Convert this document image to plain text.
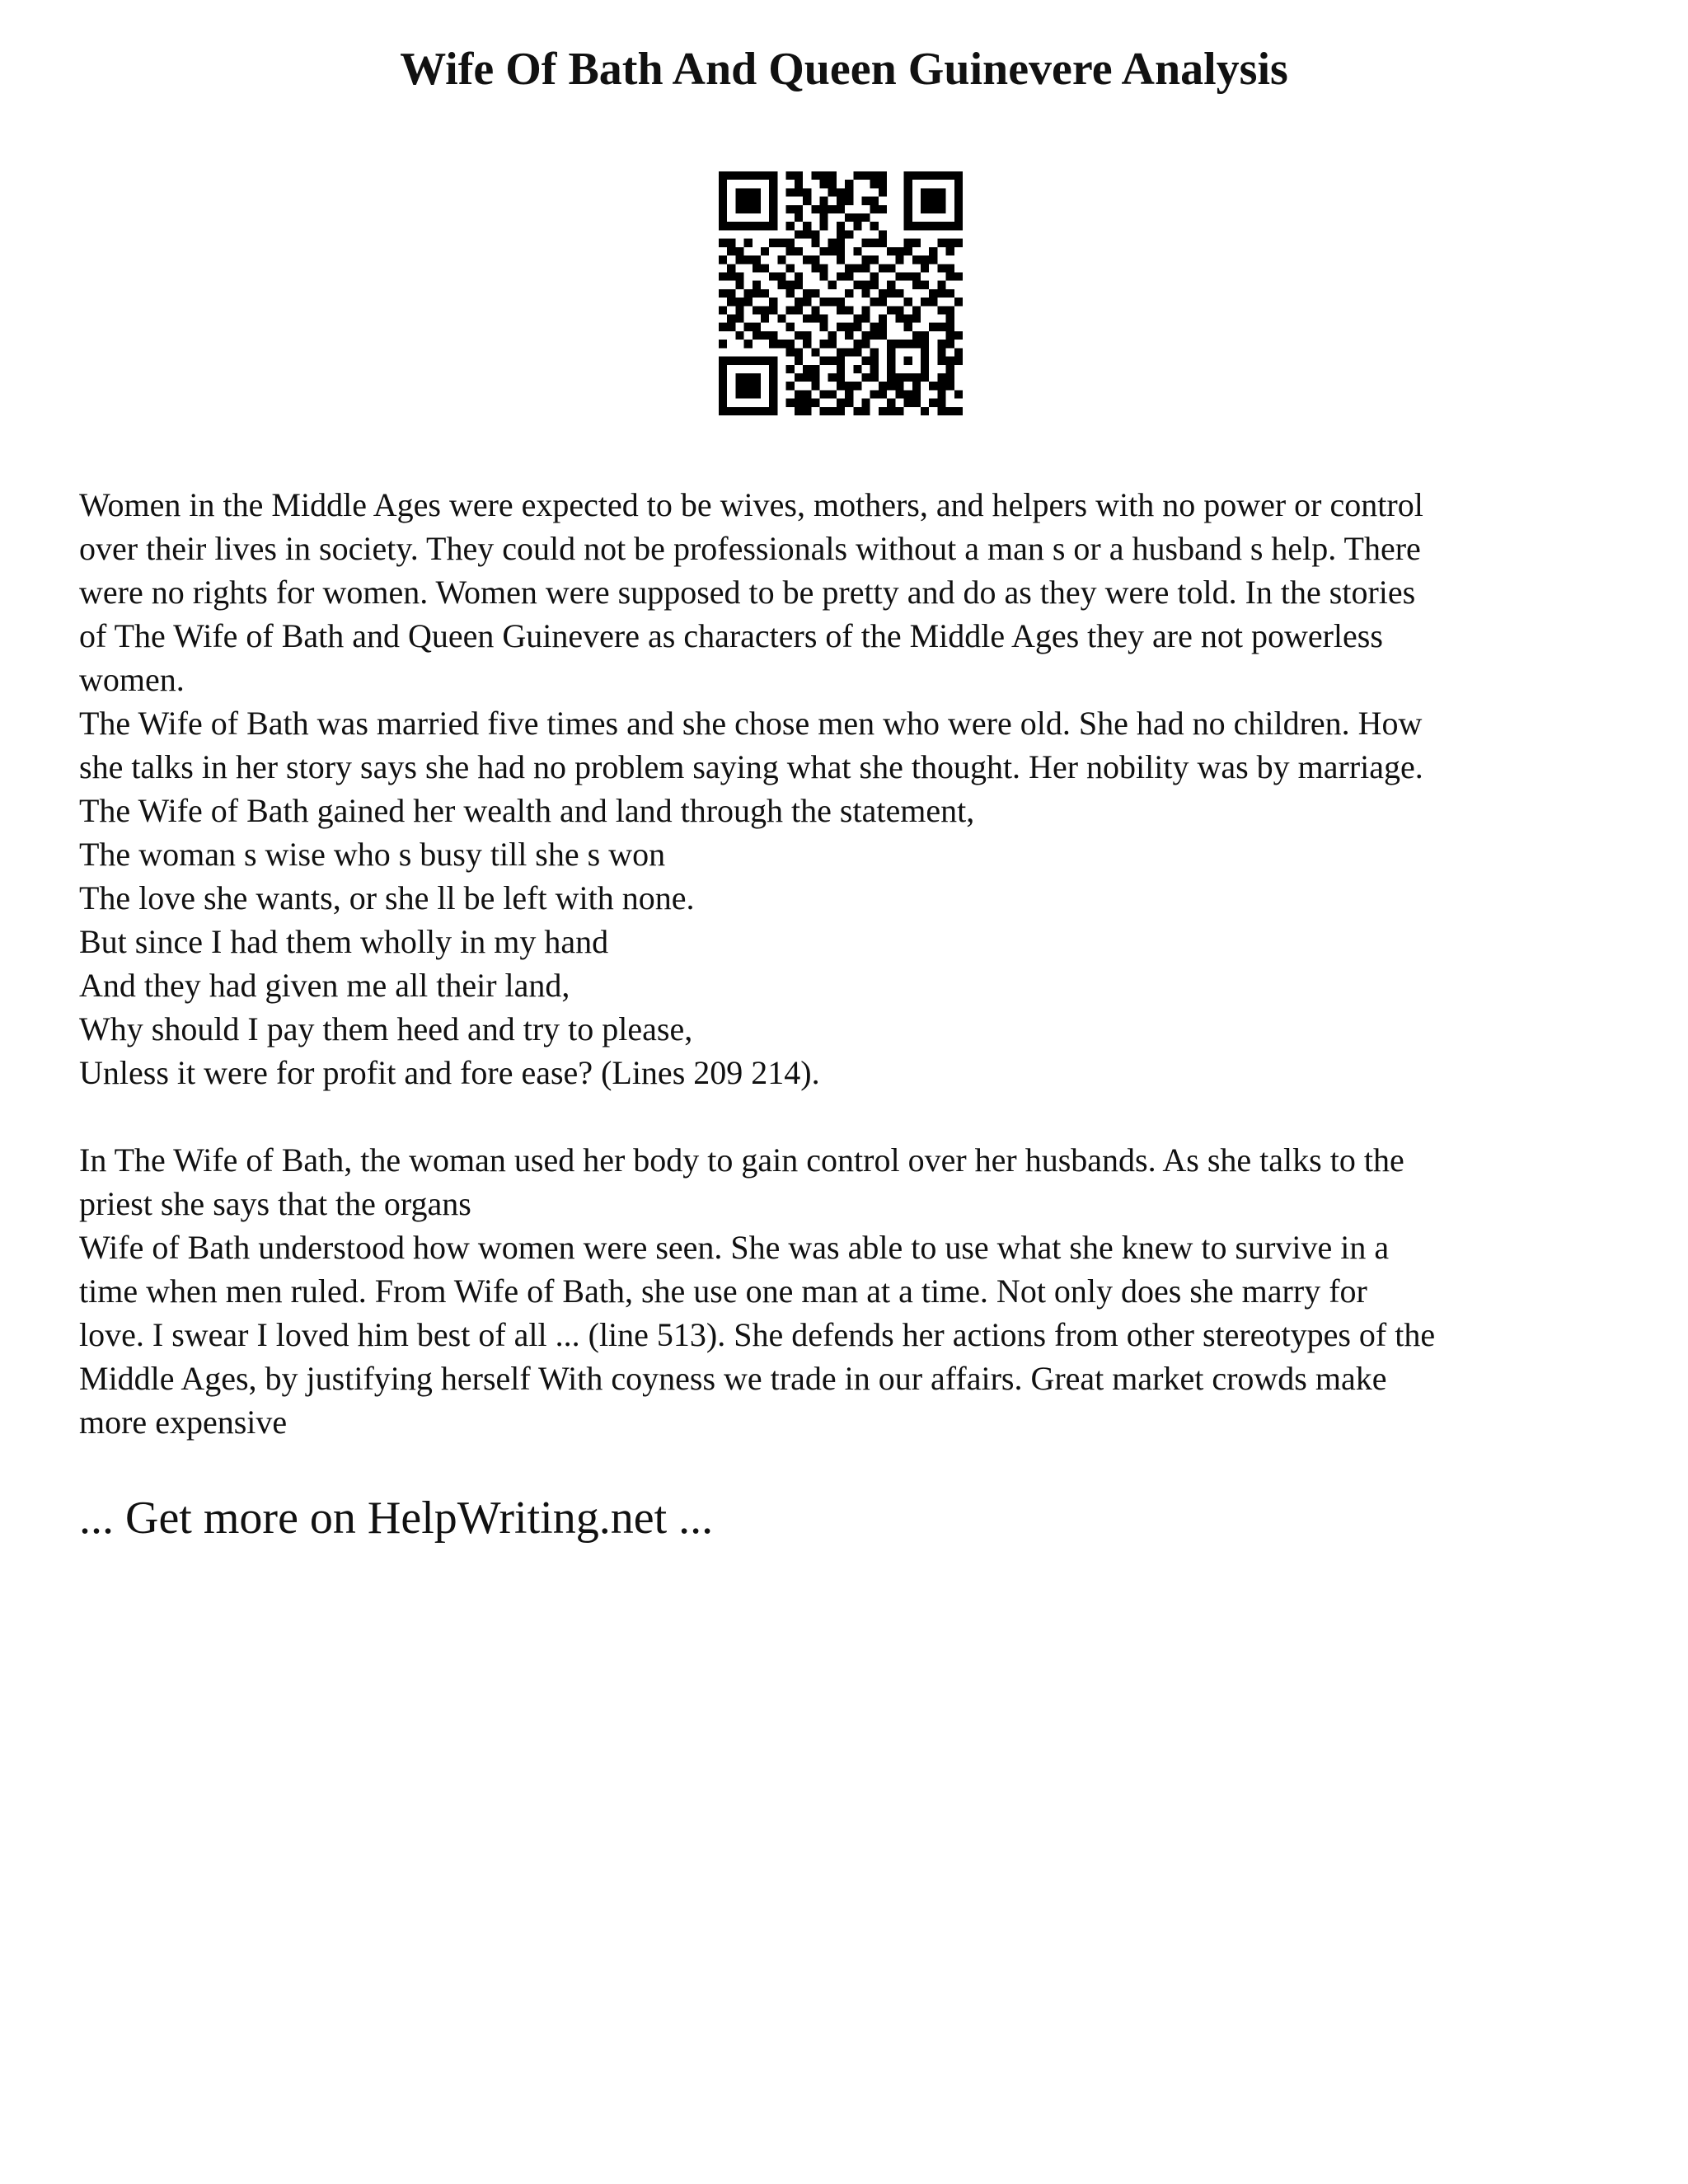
Wife Of Bath And Queen Guinevere Analysis
Women in the Middle Ages were expected to be wives, mothers, and helpers with no power or control
over their lives in society. They could not be professionals without a man s or a husband s help. There
were no rights for women. Women were supposed to be pretty and do as they were told. In the stories
of The Wife of Bath and Queen Guinevere as characters of the Middle Ages they are not powerless
women.
The Wife of Bath was married five times and she chose men who were old. She had no children. How
she talks in her story says she had no problem saying what she thought. Her nobility was by marriage.
The Wife of Bath gained her wealth and land through the statement,
The woman s wise who s busy till she s won
The love she wants, or she ll be left with none.
But since I had them wholly in my hand
And they had given me all their land,
Why should I pay them heed and try to please,
Unless it were for profit and fore ease? (Lines 209 214).
In The Wife of Bath, the woman used her body to gain control over her husbands. As she talks to the
priest she says that the organs
Wife of Bath understood how women were seen. She was able to use what she knew to survive in a
time when men ruled. From Wife of Bath, she use one man at a time. Not only does she marry for
love. I swear I loved him best of all ... (line 513). She defends her actions from other stereotypes of the
Middle Ages, by justifying herself With coyness we trade in our affairs. Great market crowds make
more expensive
... Get more on HelpWriting.net ...
